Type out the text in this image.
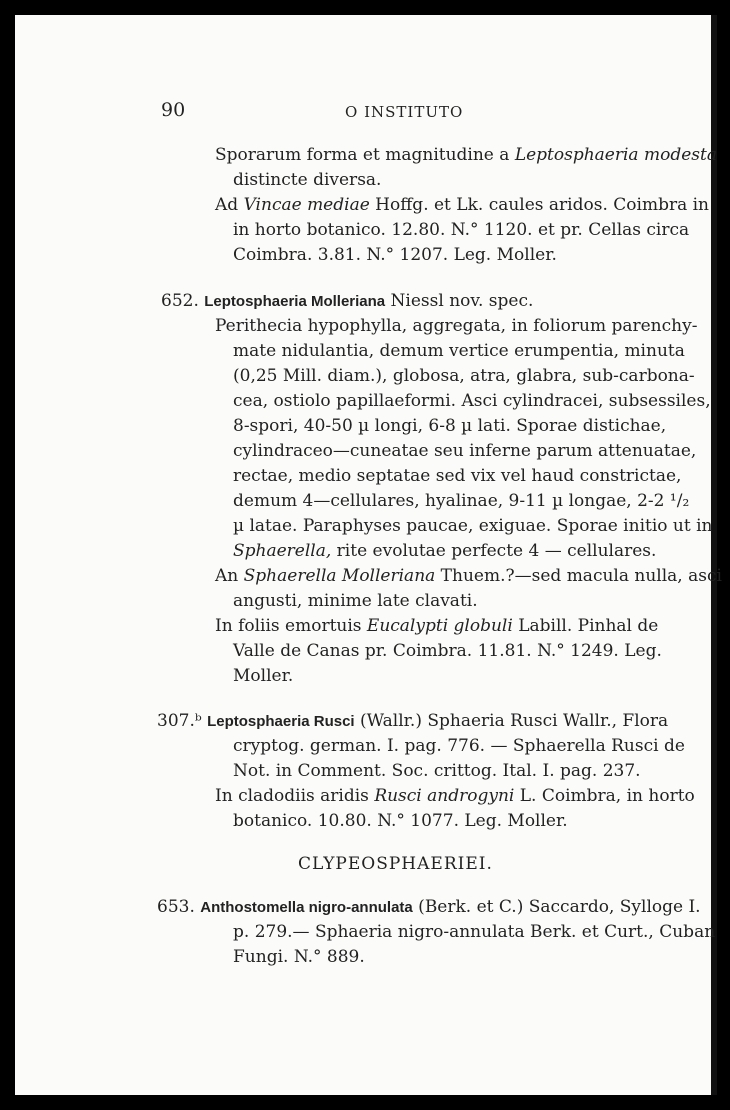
90	O INSTITUTO
Sporarum forma et magnitudine a Leptosphaeria modesta
distincte diversa.
Ad Vincae mediae Hoffg. et Lk. caules aridos. Coimbra in
in horto botanico. 12.80. N.° 1120. et pr. Cellas circa
Coimbra. 3.81. N.° 1207. Leg. Moller.
652. Leptosphaeria Molleriana Niessl nov. spec.
Perithecia hypophylla, aggregata, in foliorum parenchy-
mate nidulantia, demum vertice erumpentia, minuta
(0,25 Mill. diam.), globosa, atra, glabra, sub-carbona-
cea, ostiolo papillaeformi. Asci cylindracei, subsessiles,
8-spori, 40-50 µ longi, 6-8 µ lati. Sporae distichae,
cylindraceo—cuneatae seu inferne parum attenuatae,
rectae, medio septatae sed vix vel haud constrictae,
demum 4—cellulares, hyalinae, 9-11 µ longae, 2-2 ¹/₂
µ latae. Paraphyses paucae, exiguae. Sporae initio ut in
Sphaerella, rite evolutae perfecte 4 — cellulares.
An Sphaerella Molleriana Thuem.?—sed macula nulla, asci
angusti, minime late clavati.
In foliis emortuis Eucalypti globuli Labill. Pinhal de
Valle de Canas pr. Coimbra. 11.81. N.° 1249. Leg.
Moller.
307.ᵇ Leptosphaeria Rusci (Wallr.) Sphaeria Rusci Wallr., Flora
cryptog. german. I. pag. 776. — Sphaerella Rusci de
Not. in Comment. Soc. crittog. Ital. I. pag. 237.
In cladodiis aridis Rusci androgyni L. Coimbra, in horto
botanico. 10.80. N.° 1077. Leg. Moller.
CLYPEOSPHAERIEI.
653. Anthostomella nigro-annulata (Berk. et C.) Saccardo, Sylloge I.
p. 279.— Sphaeria nigro-annulata Berk. et Curt., Cuban
Fungi. N.° 889.
